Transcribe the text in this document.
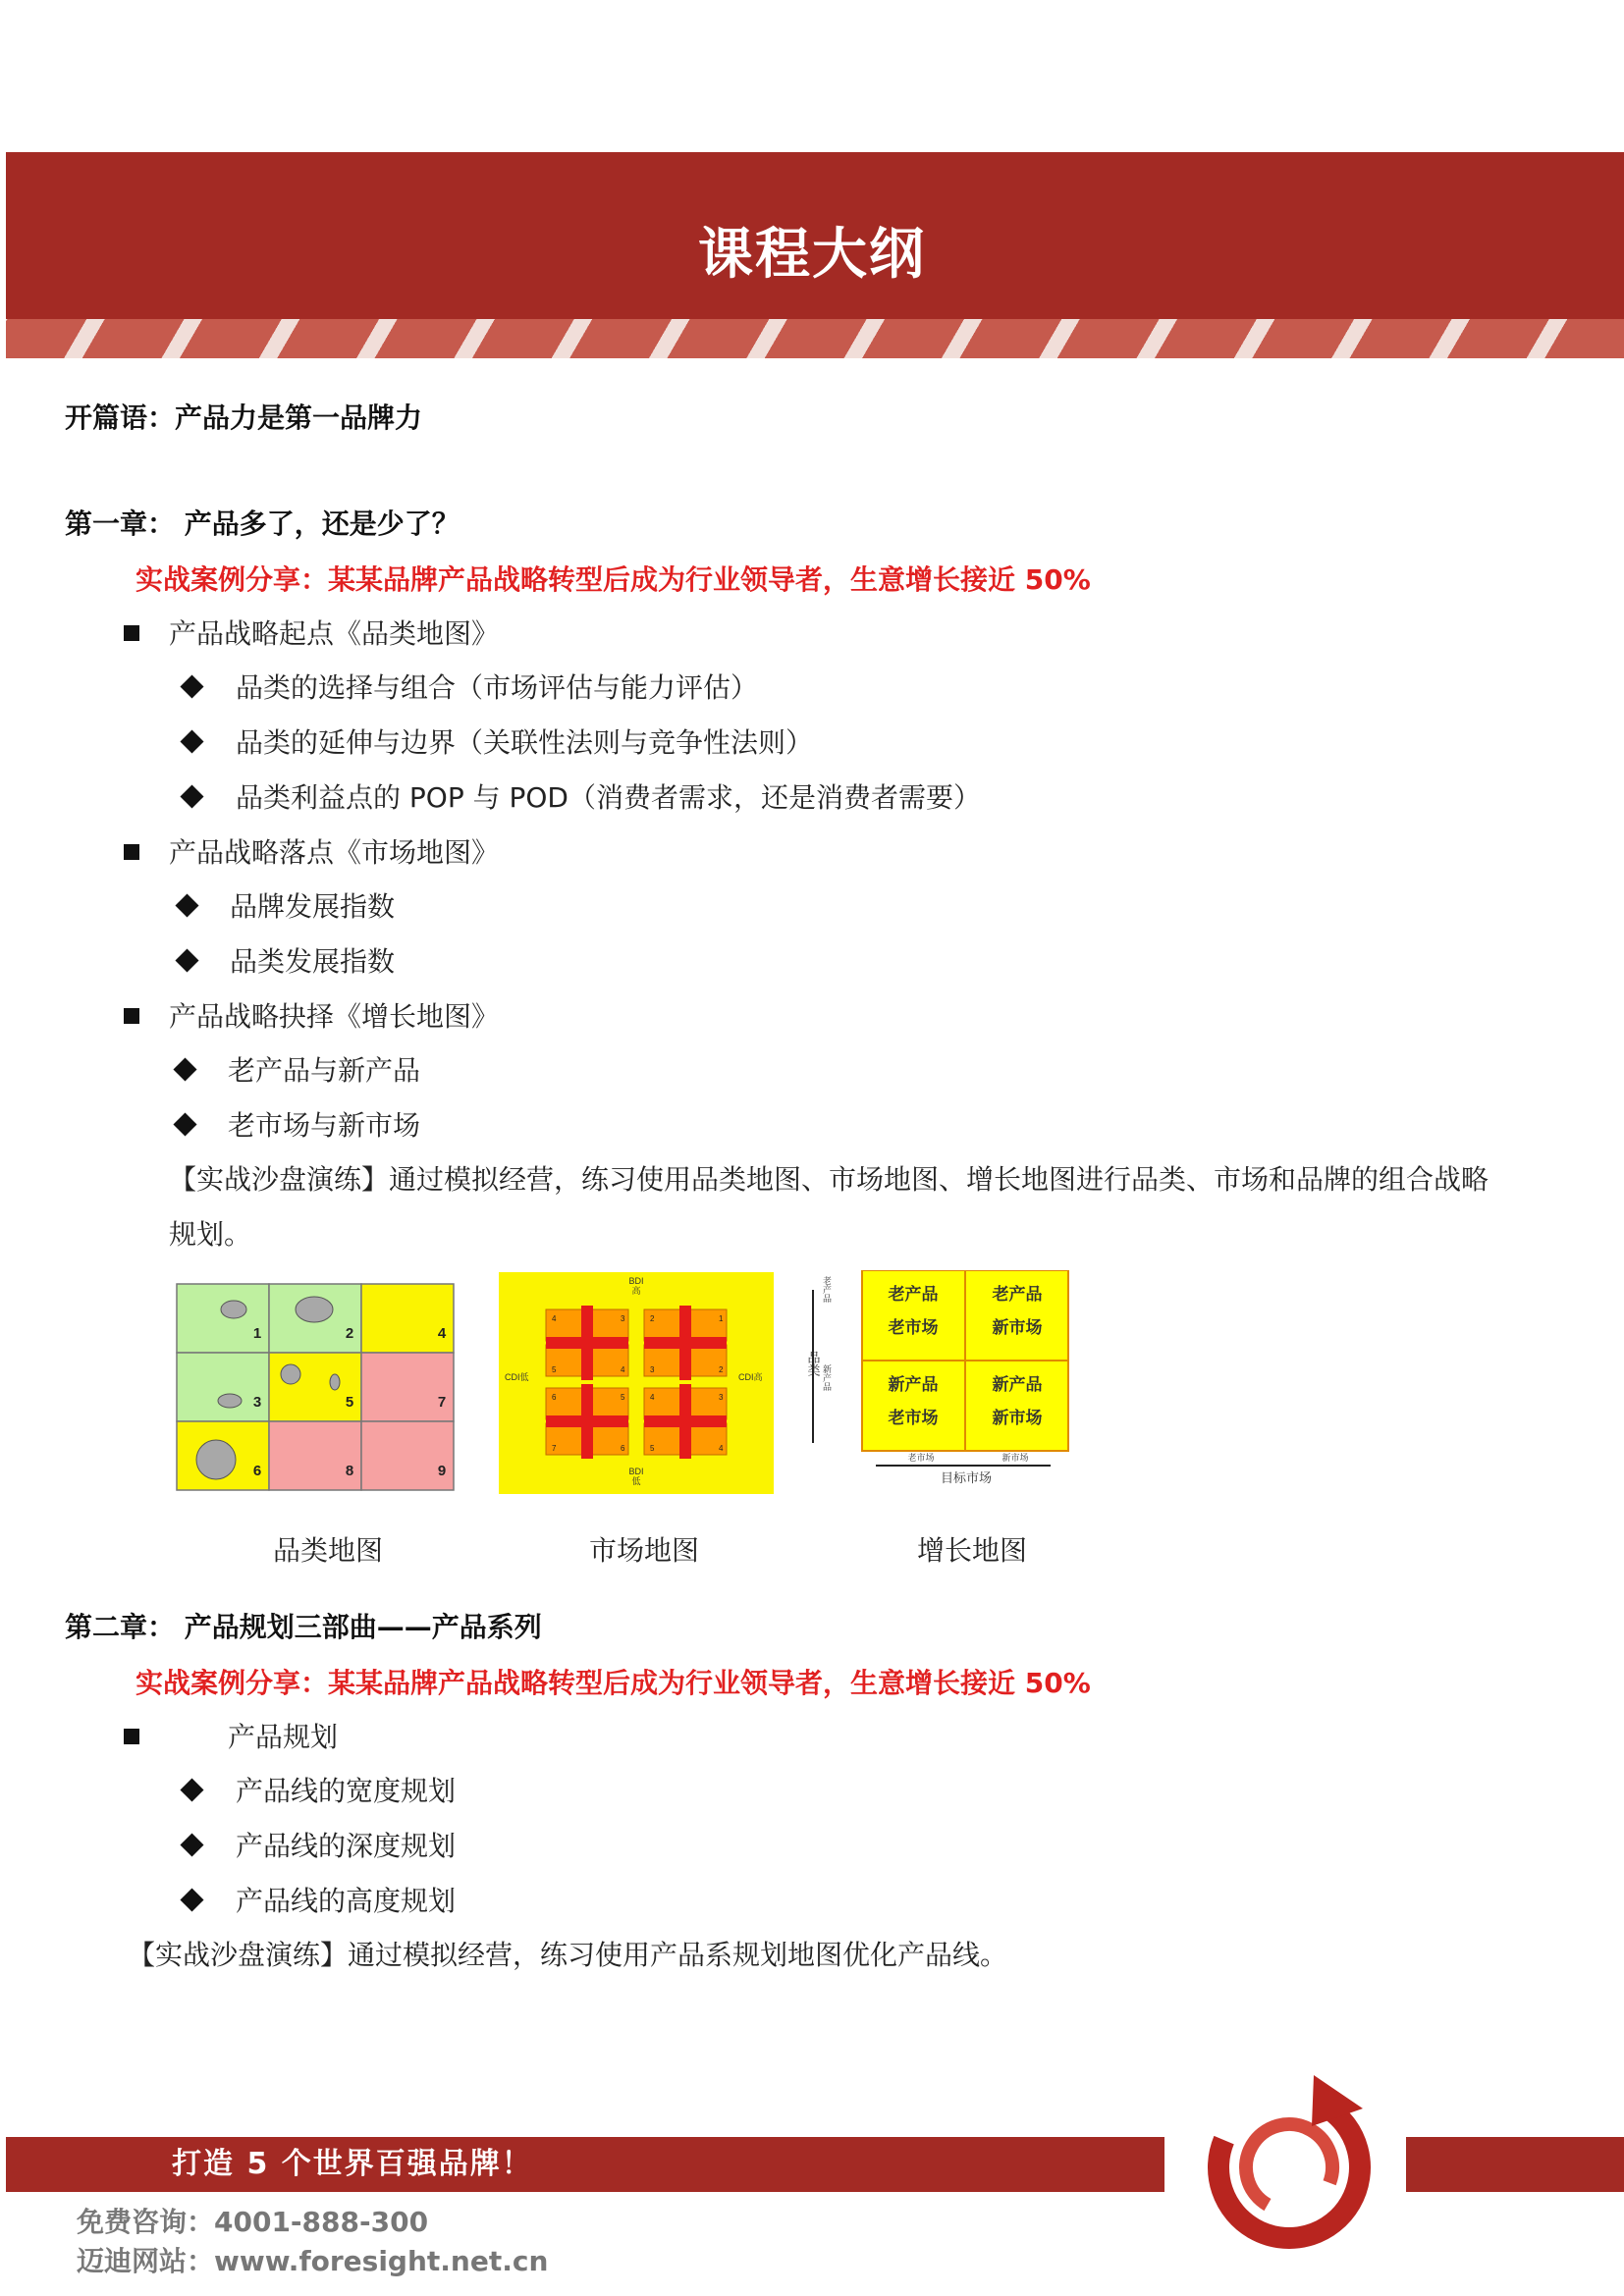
课程大纲
开篇语：产品力是第一品牌力
第一章： 产品多了，还是少了？
实战案例分享：某某品牌产品战略转型后成为行业领导者，生意增长接近 50%
产品战略起点《品类地图》
品类的选择与组合（市场评估与能力评估）
品类的延伸与边界（关联性法则与竞争性法则）
品类利益点的 POP 与 POD（消费者需求，还是消费者需要）
产品战略落点《市场地图》
品牌发展指数
品类发展指数
产品战略抉择《增长地图》
老产品与新产品
老市场与新市场
【实战沙盘演练】通过模拟经营，练习使用品类地图、市场地图、增长地图进行品类、市场和品牌的组合战略
规划。
1	2	4
3	5	7
6	8	9
BDI
高
BDI
低
CDI低	CDI高
4	3
5	4
2	1
3	2
4	3
5	4
6	5
7	6
老产品
品类
新产品
老产品
老市场
老产品
新市场
新产品
老市场
新产品
新市场
老市场	新市场
目标市场
品类地图	市场地图	增长地图
第二章： 产品规划三部曲——产品系列
实战案例分享：某某品牌产品战略转型后成为行业领导者，生意增长接近 50%
产品规划
产品线的宽度规划
产品线的深度规划
产品线的高度规划
【实战沙盘演练】通过模拟经营，练习使用产品系规划地图优化产品线。
打造 5 个世界百强品牌！
免费咨询：4001-888-300
迈迪网站：www.foresight.net.cn
